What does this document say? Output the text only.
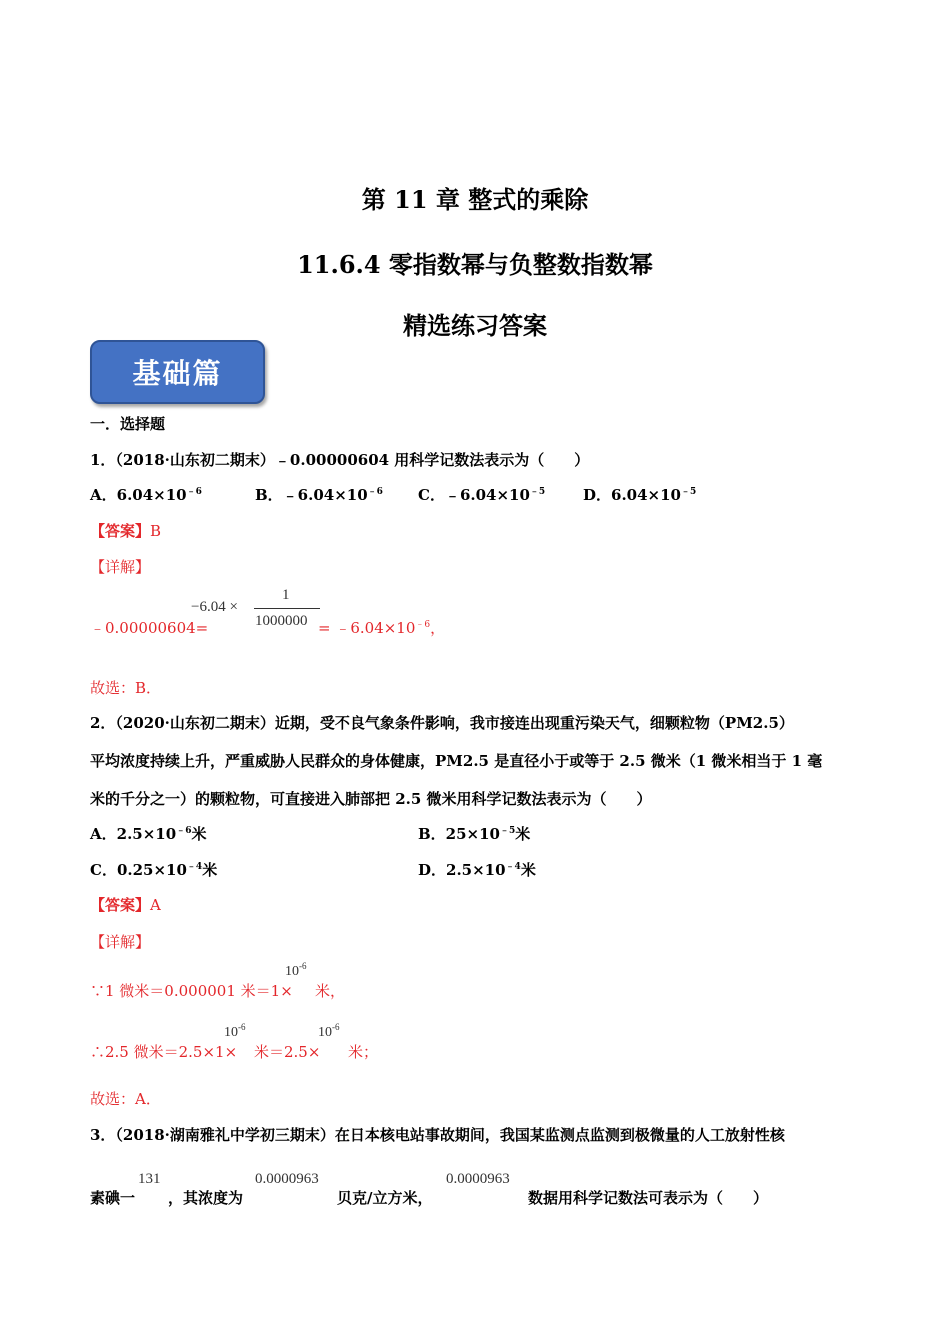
第 11 章 整式的乘除
11.6.4 零指数幂与负整数指数幂
精选练习答案
基础篇
一．选择题
1．（2018·山东初二期末）﹣0.00000604 用科学记数法表示为（　　）
A．$6.04\times 10^{﹣6}$	B．$﹣6.04\times 10^{﹣6}$ C．$﹣6.04\times 10^{﹣5}$	D．$6.04\times 10^{﹣5}$
【答案】B
【详解】
﹣0.00000604=
−6.04 ×
1
$1000000 = ﹣6.04\times 10^{﹣6}$，
故选：B．
2．（2020·山东初二期末）近期，受不良气象条件影响，我市接连出现重污染天气，细颗粒物（PM2.5）
平均浓度持续上升，严重威胁人民群众的身体健康，PM2.5 是直径小于或等于 2.5 微米（1 微米相当于 1 毫
米的千分之一）的颗粒物，可直接进入肺部把 2.5 微米用科学记数法表示为（　　）
A．$2.5\times 10^{﹣6}$米	B．$25\times 10^{﹣5}$米
C．$0.25\times 10^{﹣4}$米	D．$2.5\times 10^{﹣4}$米
【答案】A
【详解】
∵1 微米＝0.000001 米＝1×
$10^{-6}$
米，
∴2.5 微米＝2.5×1×
$10^{-6}$
米＝2.5×
$10^{-6}$
米；
故选：A．
3．（2018·湖南雅礼中学初三期末）在日本核电站事故期间，我国某监测点监测到极微量的人工放射性核
素碘一
131
，其浓度为
0.0000963
贝克/立方米，
0.0000963
数据用科学记数法可表示为（　　）
